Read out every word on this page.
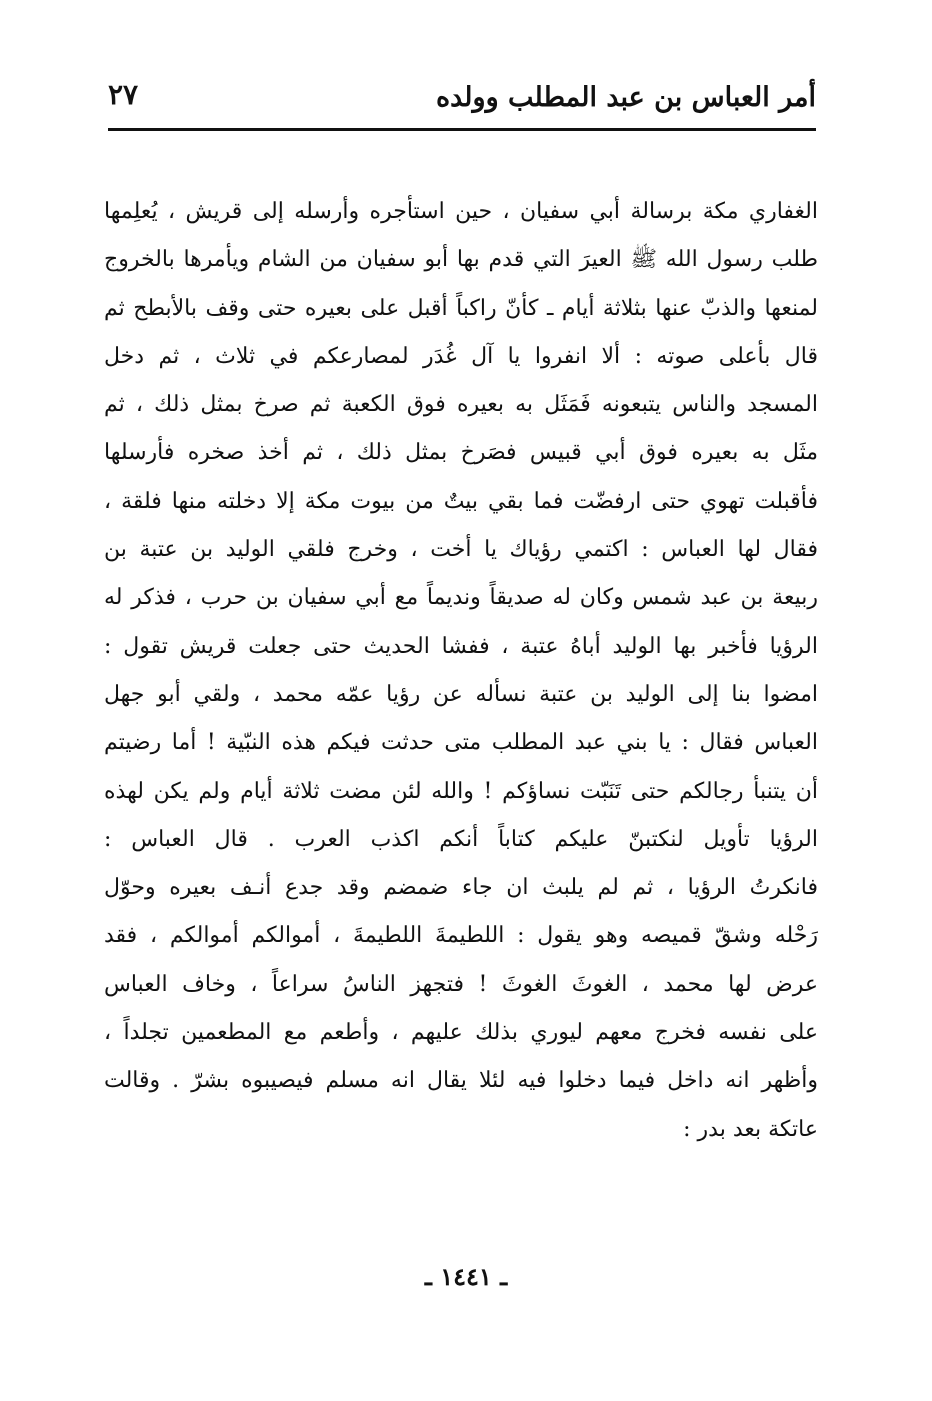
أمر العباس بن عبد المطلب وولده
٢٧
الغفاري مكة برسالة أبي سفيان ، حين استأجره وأرسله إلى قريش ، يُعلِمها
طلب رسول الله ﷺ العيرَ التي قدم بها أبو سفيان من الشام ويأمرها بالخروج
لمنعها والذبّ عنها بثلاثة أيام ـ كأنّ راكباً أقبل على بعيره حتى وقف بالأبطح ثم
قال بأعلى صوته : ألا انفروا يا آل غُدَر لمصارعكم في ثلاث ، ثم دخل
المسجد والناس يتبعونه فَمَثَل به بعيره فوق الكعبة ثم صرخ بمثل ذلك ، ثم
مثَل به بعيره فوق أبي قبيس فصَرخ بمثل ذلك ، ثم أخذ صخره فأرسلها
فأقبلت تهوي حتى ارفضّت فما بقي بيتٌ من بيوت مكة إلا دخلته منها فلقة ،
فقال لها العباس : اكتمي رؤياك يا أخت ، وخرج فلقي الوليد بن عتبة بن
ربيعة بن عبد شمس وكان له صديقاً ونديماً مع أبي سفيان بن حرب ، فذكر له
الرؤيا فأخبر بها الوليد أباهُ عتبة ، ففشا الحديث حتى جعلت قريش تقول :
امضوا بنا إلى الوليد بن عتبة نسأله عن رؤيا عمّه محمد ، ولقي أبو جهل
العباس فقال : يا بني عبد المطلب متى حدثت فيكم هذه النبّية ! أما رضيتم
أن يتنبأ رجالكم حتى تَنَبّت نساؤكم ! والله لئن مضت ثلاثة أيام ولم يكن لهذه
الرؤيا تأويل لنكتبنّ عليكم كتاباً أنكم اكذب العرب . قال العباس :
فانكرتُ الرؤيا ، ثم لم يلبث ان جاء ضمضم وقد جدع أنـف بعيره وحوّل
رَحْله وشقّ قميصه وهو يقول : اللطيمةَ اللطيمةَ ، أموالكم أموالكم ، فقد
عرض لها محمد ، الغوثَ الغوثَ ! فتجهز الناسُ سراعاً ، وخاف العباس
على نفسه فخرج معهم ليوري بذلك عليهم ، وأطعم مع المطعمين تجلداً ،
وأظهر انه داخل فيما دخلوا فيه لئلا يقال انه مسلم فيصيبوه بشرّ . وقالت
عاتكة بعد بدر :
ـ ١٤٤١ ـ
